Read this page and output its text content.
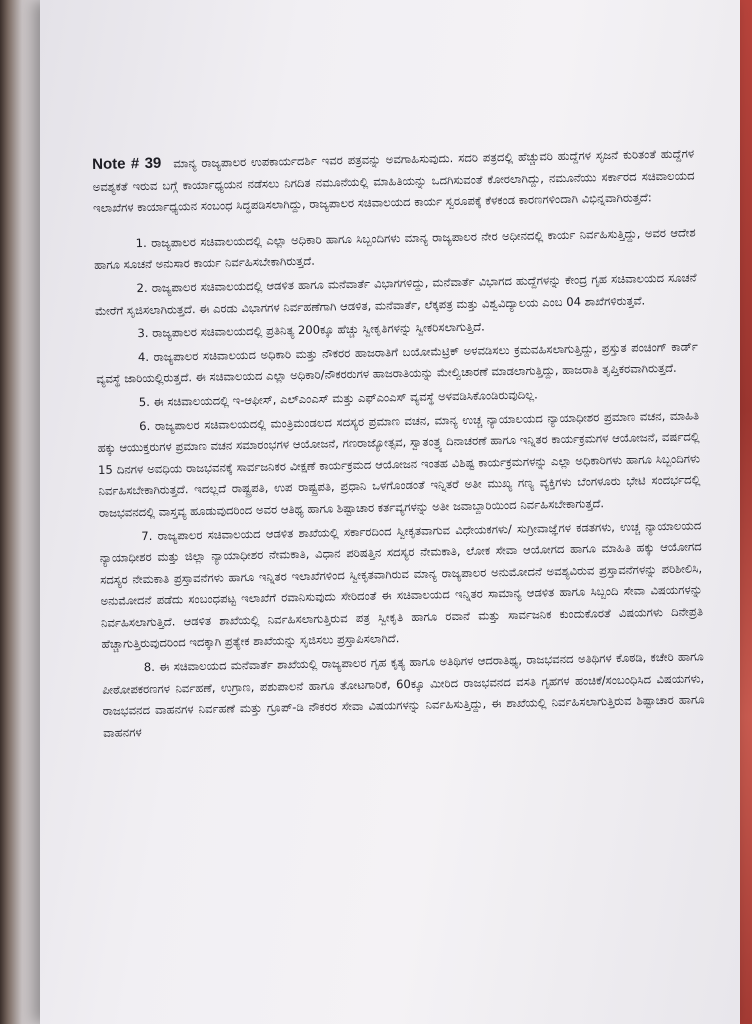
Note # 39 ಮಾನ್ಯ ರಾಜ್ಯಪಾಲರ ಉಪಕಾರ್ಯದರ್ಶಿ ಇವರ ಪತ್ರವನ್ನು ಅವಗಾಹಿಸುವುದು. ಸದರಿ ಪತ್ರದಲ್ಲಿ ಹೆಚ್ಚುವರಿ ಹುದ್ದೆಗಳ ಸೃಜನೆ ಕುರಿತಂತೆ ಹುದ್ದೆಗಳ ಅವಶ್ಯಕತೆ ಇರುವ ಬಗ್ಗೆ ಕಾರ್ಯಾಧ್ಯಯನ ನಡೆಸಲು ನಿಗದಿತ ನಮೂನೆಯಲ್ಲಿ ಮಾಹಿತಿಯನ್ನು ಒದಗಿಸುವಂತೆ ಕೋರಲಾಗಿದ್ದು, ನಮೂನೆಯು ಸರ್ಕಾರದ ಸಚಿವಾಲಯದ ಇಲಾಖೆಗಳ ಕಾರ್ಯಾಧ್ಯಯನ ಸಂಬಂಧ ಸಿದ್ಧಪಡಿಸಲಾಗಿದ್ದು, ರಾಜ್ಯಪಾಲರ ಸಚಿವಾಲಯದ ಕಾರ್ಯ ಸ್ವರೂಪಕ್ಕೆ ಕೆಳಕಂಡ ಕಾರಣಗಳಿಂದಾಗಿ ವಿಭಿನ್ನವಾಗಿರುತ್ತದೆ:

1. ರಾಜ್ಯಪಾಲರ ಸಚಿವಾಲಯದಲ್ಲಿ ಎಲ್ಲಾ ಅಧಿಕಾರಿ ಹಾಗೂ ಸಿಬ್ಬಂದಿಗಳು ಮಾನ್ಯ ರಾಜ್ಯಪಾಲರ ನೇರ ಅಧೀನದಲ್ಲಿ ಕಾರ್ಯ ನಿರ್ವಹಿಸುತ್ತಿದ್ದು, ಅವರ ಆದೇಶ ಹಾಗೂ ಸೂಚನೆ ಅನುಸಾರ ಕಾರ್ಯ ನಿರ್ವಹಿಸಬೇಕಾಗಿರುತ್ತದೆ.

2. ರಾಜ್ಯಪಾಲರ ಸಚಿವಾಲಯದಲ್ಲಿ ಆಡಳಿತ ಹಾಗೂ ಮನೆವಾರ್ತೆ ವಿಭಾಗಗಳಿದ್ದು, ಮನೆವಾರ್ತೆ ವಿಭಾಗದ ಹುದ್ದೆಗಳನ್ನು ಕೇಂದ್ರ ಗೃಹ ಸಚಿವಾಲಯದ ಸೂಚನೆ ಮೇರೆಗೆ ಸೃಜಿಸಲಾಗಿರುತ್ತದೆ. ಈ ಎರಡು ವಿಭಾಗಗಳ ನಿರ್ವಹಣೆಗಾಗಿ ಆಡಳಿತ, ಮನೆವಾರ್ತೆ, ಲೆಕ್ಕಪತ್ರ ಮತ್ತು ವಿಶ್ವವಿದ್ಯಾಲಯ ಎಂಬ 04 ಶಾಖೆಗಳಿರುತ್ತವೆ.

3. ರಾಜ್ಯಪಾಲರ ಸಚಿವಾಲಯದಲ್ಲಿ ಪ್ರತಿನಿತ್ಯ 200ಕ್ಕೂ ಹೆಚ್ಚು ಸ್ವೀಕೃತಿಗಳನ್ನು ಸ್ವೀಕರಿಸಲಾಗುತ್ತಿದೆ.

4. ರಾಜ್ಯಪಾಲರ ಸಚಿವಾಲಯದ ಅಧಿಕಾರಿ ಮತ್ತು ನೌಕರರ ಹಾಜರಾತಿಗೆ ಬಯೋಮೆಟ್ರಿಕ್ ಅಳವಡಿಸಲು ಕ್ರಮವಹಿಸಲಾಗುತ್ತಿದ್ದು, ಪ್ರಸ್ತುತ ಪಂಚಿಂಗ್ ಕಾರ್ಡ್ ವ್ಯವಸ್ಥೆ ಜಾರಿಯಲ್ಲಿರುತ್ತದೆ. ಈ ಸಚಿವಾಲಯದ ಎಲ್ಲಾ ಅಧಿಕಾರಿ/ನೌಕರರುಗಳ ಹಾಜರಾತಿಯನ್ನು ಮೇಲ್ವಿಚಾರಣೆ ಮಾಡಲಾಗುತ್ತಿದ್ದು, ಹಾಜರಾತಿ ತೃಪ್ತಿಕರವಾಗಿರುತ್ತದೆ.

5. ಈ ಸಚಿವಾಲಯದಲ್ಲಿ ಇ-ಆಫೀಸ್, ಎಲ್‌ಎಂಎಸ್ ಮತ್ತು ಎಫ್‌ಎಂಎಸ್ ವ್ಯವಸ್ಥೆ ಅಳವಡಿಸಿಕೊಂಡಿರುವುದಿಲ್ಲ.

6. ರಾಜ್ಯಪಾಲರ ಸಚಿವಾಲಯದಲ್ಲಿ ಮಂತ್ರಿಮಂಡಲದ ಸದಸ್ಯರ ಪ್ರಮಾಣ ವಚನ, ಮಾನ್ಯ ಉಚ್ಚ ನ್ಯಾಯಾಲಯದ ನ್ಯಾಯಾಧೀಶರ ಪ್ರಮಾಣ ವಚನ, ಮಾಹಿತಿ ಹಕ್ಕು ಆಯುಕ್ತರುಗಳ ಪ್ರಮಾಣ ವಚನ ಸಮಾರಂಭಗಳ ಆಯೋಜನೆ, ಗಣರಾಜ್ಯೋತ್ಸವ, ಸ್ವಾತಂತ್ರ್ಯ ದಿನಾಚರಣೆ ಹಾಗೂ ಇನ್ನಿತರ ಕಾರ್ಯಕ್ರಮಗಳ ಆಯೋಜನೆ, ವರ್ಷದಲ್ಲಿ 15 ದಿನಗಳ ಅವಧಿಯ ರಾಜಭವನಕ್ಕೆ ಸಾರ್ವಜನಿಕರ ವೀಕ್ಷಣೆ ಕಾರ್ಯಕ್ರಮದ ಆಯೋಜನ ಇಂತಹ ವಿಶಿಷ್ಟ ಕಾರ್ಯಕ್ರಮಗಳನ್ನು ಎಲ್ಲಾ ಅಧಿಕಾರಿಗಳು ಹಾಗೂ ಸಿಬ್ಬಂದಿಗಳು ನಿರ್ವಹಿಸಬೇಕಾಗಿರುತ್ತದೆ. ಇದಲ್ಲದೆ ರಾಷ್ಟ್ರಪತಿ, ಉಪ ರಾಷ್ಟ್ರಪತಿ, ಪ್ರಧಾನಿ ಒಳಗೊಂಡಂತೆ ಇನ್ನಿತರೆ ಅತೀ ಮುಖ್ಯ ಗಣ್ಯ ವ್ಯಕ್ತಿಗಳು ಬೆಂಗಳೂರು ಭೇಟಿ ಸಂದರ್ಭದಲ್ಲಿ ರಾಜಭವನದಲ್ಲಿ ವಾಸ್ತವ್ಯ ಹೂಡುವುದರಿಂದ ಅವರ ಆತಿಥ್ಯ ಹಾಗೂ ಶಿಷ್ಟಾಚಾರ ಕರ್ತವ್ಯಗಳನ್ನು ಅತೀ ಜವಾಬ್ದಾರಿಯಿಂದ ನಿರ್ವಹಿಸಬೇಕಾಗುತ್ತದೆ.

7. ರಾಜ್ಯಪಾಲರ ಸಚಿವಾಲಯದ ಆಡಳಿತ ಶಾಖೆಯಲ್ಲಿ ಸರ್ಕಾರದಿಂದ ಸ್ವೀಕೃತವಾಗುವ ವಿಧೇಯಕಗಳು/ ಸುಗ್ರೀವಾಜ್ಞೆಗಳ ಕಡತಗಳು, ಉಚ್ಚ ನ್ಯಾಯಾಲಯದ ನ್ಯಾಯಾಧೀಶರ ಮತ್ತು ಜಿಲ್ಲಾ ನ್ಯಾಯಾಧೀಶರ ನೇಮಕಾತಿ, ವಿಧಾನ ಪರಿಷತ್ತಿನ ಸದಸ್ಯರ ನೇಮಕಾತಿ, ಲೋಕ ಸೇವಾ ಆಯೋಗದ ಹಾಗೂ ಮಾಹಿತಿ ಹಕ್ಕು ಆಯೋಗದ ಸದಸ್ಯರ ನೇಮಕಾತಿ ಪ್ರಸ್ತಾವನೆಗಳು ಹಾಗೂ ಇನ್ನಿತರ ಇಲಾಖೆಗಳಿಂದ ಸ್ವೀಕೃತವಾಗಿರುವ ಮಾನ್ಯ ರಾಜ್ಯಪಾಲರ ಅನುಮೋದನೆ ಅವಶ್ಯವಿರುವ ಪ್ರಸ್ತಾವನೆಗಳನ್ನು ಪರಿಶೀಲಿಸಿ, ಅನುಮೋದನೆ ಪಡೆದು ಸಂಬಂಧಪಟ್ಟ ಇಲಾಖೆಗೆ ರವಾನಿಸುವುದು ಸೇರಿದಂತೆ ಈ ಸಚಿವಾಲಯದ ಇನ್ನಿತರ ಸಾಮಾನ್ಯ ಆಡಳಿತ ಹಾಗೂ ಸಿಬ್ಬಂದಿ ಸೇವಾ ವಿಷಯಗಳನ್ನು ನಿರ್ವಹಿಸಲಾಗುತ್ತಿದೆ. ಆಡಳಿತ ಶಾಖೆಯಲ್ಲಿ ನಿರ್ವಹಿಸಲಾಗುತ್ತಿರುವ ಪತ್ರ ಸ್ವೀಕೃತಿ ಹಾಗೂ ರವಾನೆ ಮತ್ತು ಸಾರ್ವಜನಿಕ ಕುಂದುಕೊರತೆ ವಿಷಯಗಳು ದಿನೇಪ್ರತಿ ಹೆಚ್ಚಾಗುತ್ತಿರುವುದರಿಂದ ಇದಕ್ಕಾಗಿ ಪ್ರತ್ಯೇಕ ಶಾಖೆಯನ್ನು ಸೃಜಿಸಲು ಪ್ರಸ್ತಾಪಿಸಲಾಗಿದೆ.

8. ಈ ಸಚಿವಾಲಯದ ಮನೆವಾರ್ತೆ ಶಾಖೆಯಲ್ಲಿ ರಾಜ್ಯಪಾಲರ ಗೃಹ ಕೃತ್ಯ ಹಾಗೂ ಅತಿಥಿಗಳ ಆದರಾತಿಥ್ಯ, ರಾಜಭವನದ ಅತಿಥಿಗಳ ಕೊಠಡಿ, ಕಚೇರಿ ಹಾಗೂ ಪೀಠೋಪಕರಣಗಳ ನಿರ್ವಹಣೆ, ಉಗ್ರಾಣ, ಪಶುಪಾಲನೆ ಹಾಗೂ ತೋಟಗಾರಿಕೆ, 60ಕ್ಕೂ ಮೀರಿದ ರಾಜಭವನದ ವಸತಿ ಗೃಹಗಳ ಹಂಚಿಕೆ/ಸಂಬಂಧಿಸಿದ ವಿಷಯಗಳು, ರಾಜಭವನದ ವಾಹನಗಳ ನಿರ್ವಹಣೆ ಮತ್ತು ಗ್ರೂಪ್-ಡಿ ನೌಕರರ ಸೇವಾ ವಿಷಯಗಳನ್ನು ನಿರ್ವಹಿಸುತ್ತಿದ್ದು, ಈ ಶಾಖೆಯಲ್ಲಿ ನಿರ್ವಹಿಸಲಾಗುತ್ತಿರುವ ಶಿಷ್ಟಾಚಾರ ಹಾಗೂ ವಾಹನಗಳ
